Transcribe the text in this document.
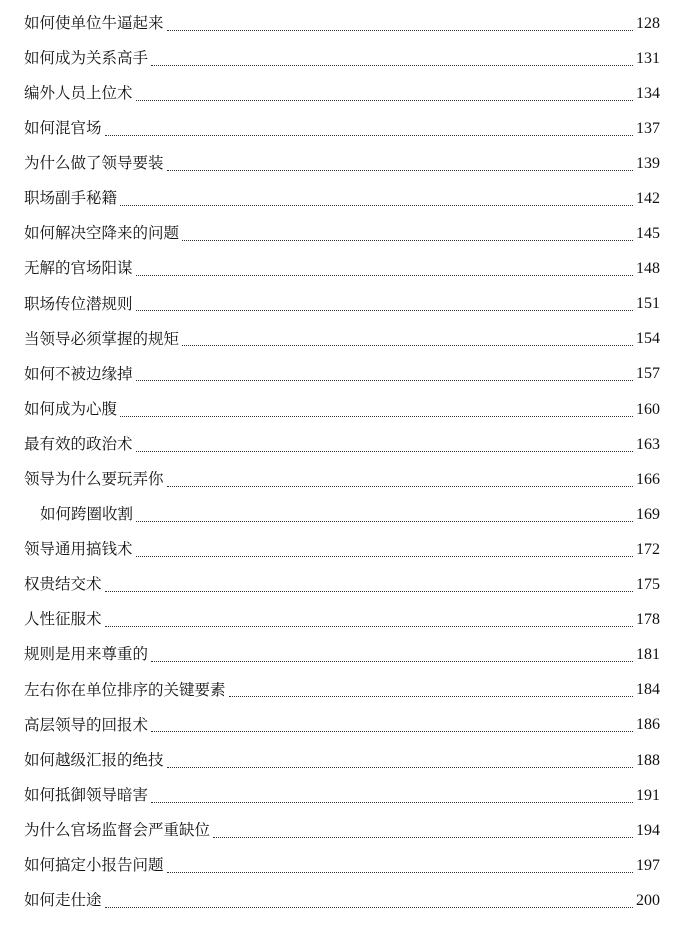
如何使单位牛逼起来	128
如何成为关系高手	131
编外人员上位术	134
如何混官场	137
为什么做了领导要装	139
职场副手秘籍	142
如何解决空降来的问题	145
无解的官场阳谋	148
职场传位潜规则	151
当领导必须掌握的规矩	154
如何不被边缘掉	157
如何成为心腹	160
最有效的政治术	163
领导为什么要玩弄你	166
如何跨圈收割	169
领导通用搞钱术	172
权贵结交术	175
人性征服术	178
规则是用来尊重的	181
左右你在单位排序的关键要素	184
高层领导的回报术	186
如何越级汇报的绝技	188
如何抵御领导暗害	191
为什么官场监督会严重缺位	194
如何搞定小报告问题	197
如何走仕途	200
